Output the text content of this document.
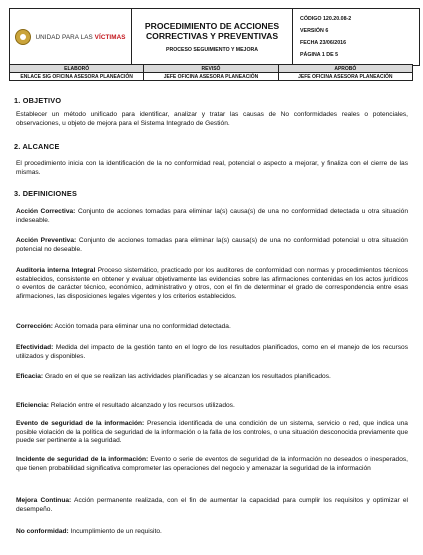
UNIDAD PARA LAS VÍCTIMAS

PROCEDIMIENTO DE ACCIONES CORRECTIVAS Y PREVENTIVAS
PROCESO SEGUIMIENTO Y MEJORA

CÓDIGO 120.20.08-2
VERSIÓN 6
FECHA 23/06/2016
PÁGINA 1 DE 5
ELABORÓ	REVISÓ	APROBÓ
ENLACE SIG OFICINA ASESORA PLANEACIÓN	JEFE OFICINA ASESORA PLANEACIÓN	JEFE OFICINA ASESORA PLANEACIÓN
1. OBJETIVO
Establecer un método unificado para identificar, analizar y tratar las causas de No conformidades reales o potenciales, observaciones, u objeto de mejora para el Sistema Integrado de Gestión.
2. ALCANCE
El procedimiento inicia con la identificación de la no conformidad real, potencial o aspecto a mejorar, y finaliza con el cierre de las mismas.
3. DEFINICIONES
Acción Correctiva: Conjunto de acciones tomadas para eliminar la(s) causa(s) de una no conformidad detectada u otra situación indeseable.
Acción Preventiva: Conjunto de acciones tomadas para eliminar la(s) causa(s) de una no conformidad potencial u otra situación potencial no deseable.
Auditoria interna Integral Proceso sistemático, practicado por los auditores de conformidad con normas y procedimientos técnicos establecidos, consistente en obtener y evaluar objetivamente las evidencias sobre las afirmaciones contenidas en los actos jurídicos o eventos de carácter técnico, económico, administrativo y otros, con el fin de determinar el grado de correspondencia entre esas afirmaciones, las disposiciones legales vigentes y los criterios establecidos.
Corrección: Acción tomada para eliminar una no conformidad detectada.
Efectividad: Medida del impacto de la gestión tanto en el logro de los resultados planificados, como en el manejo de los recursos utilizados y disponibles.
Eficacia: Grado en el que se realizan las actividades planificadas y se alcanzan los resultados planificados.
Eficiencia: Relación entre el resultado alcanzado y los recursos utilizados.
Evento de seguridad de la información: Presencia identificada de una condición de un sistema, servicio o red, que indica una posible violación de la política de seguridad de la información o la falla de los controles, o una situación desconocida previamente que puede ser pertinente a la seguridad.
Incidente de seguridad de la información: Evento o serie de eventos de seguridad de la información no deseados o inesperados, que tienen probabilidad significativa comprometer las operaciones del negocio y amenazar la seguridad de la información
Mejora Continua: Acción permanente realizada, con el fin de aumentar la capacidad para cumplir los requisitos y optimizar el desempeño.
No conformidad: Incumplimiento de un requisito.
